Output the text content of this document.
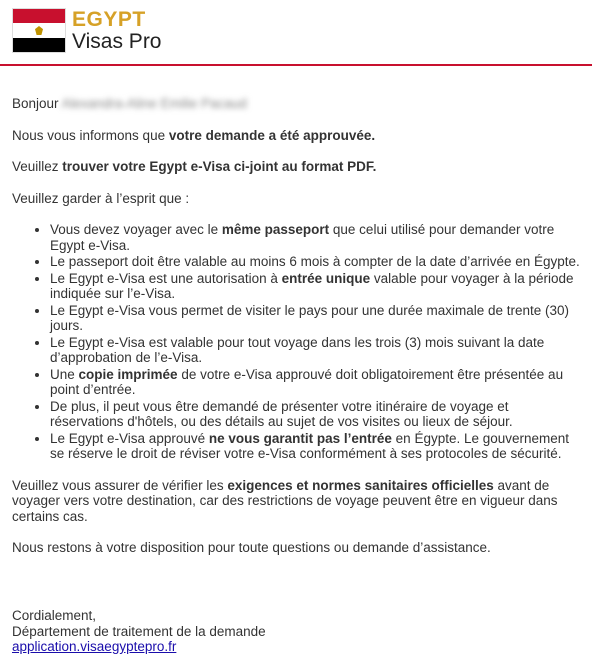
EGYPT
Visas Pro

Bonjour Alexandra-Aline Emilie Pacaud

Nous vous informons que votre demande a été approuvée.

Veuillez trouver votre Egypt e-Visa ci-joint au format PDF.

Veuillez garder à l’esprit que :

• Vous devez voyager avec le même passeport que celui utilisé pour demander votre Egypt e-Visa.
• Le passeport doit être valable au moins 6 mois à compter de la date d’arrivée en Égypte.
• Le Egypt e-Visa est une autorisation à entrée unique valable pour voyager à la période indiquée sur l’e-Visa.
• Le Egypt e-Visa vous permet de visiter le pays pour une durée maximale de trente (30) jours.
• Le Egypt e-Visa est valable pour tout voyage dans les trois (3) mois suivant la date d’approbation de l’e-Visa.
• Une copie imprimée de votre e-Visa approuvé doit obligatoirement être présentée au point d’entrée.
• De plus, il peut vous être demandé de présenter votre itinéraire de voyage et réservations d'hôtels, ou des détails au sujet de vos visites ou lieux de séjour.
• Le Egypt e-Visa approuvé ne vous garantit pas l’entrée en Égypte. Le gouvernement se réserve le droit de réviser votre e-Visa conformément à ses protocoles de sécurité.

Veuillez vous assurer de vérifier les exigences et normes sanitaires officielles avant de voyager vers votre destination, car des restrictions de voyage peuvent être en vigueur dans certains cas.

Nous restons à votre disposition pour toute questions ou demande d’assistance.

Cordialement,
Département de traitement de la demande
application.visaegyptepro.fr
